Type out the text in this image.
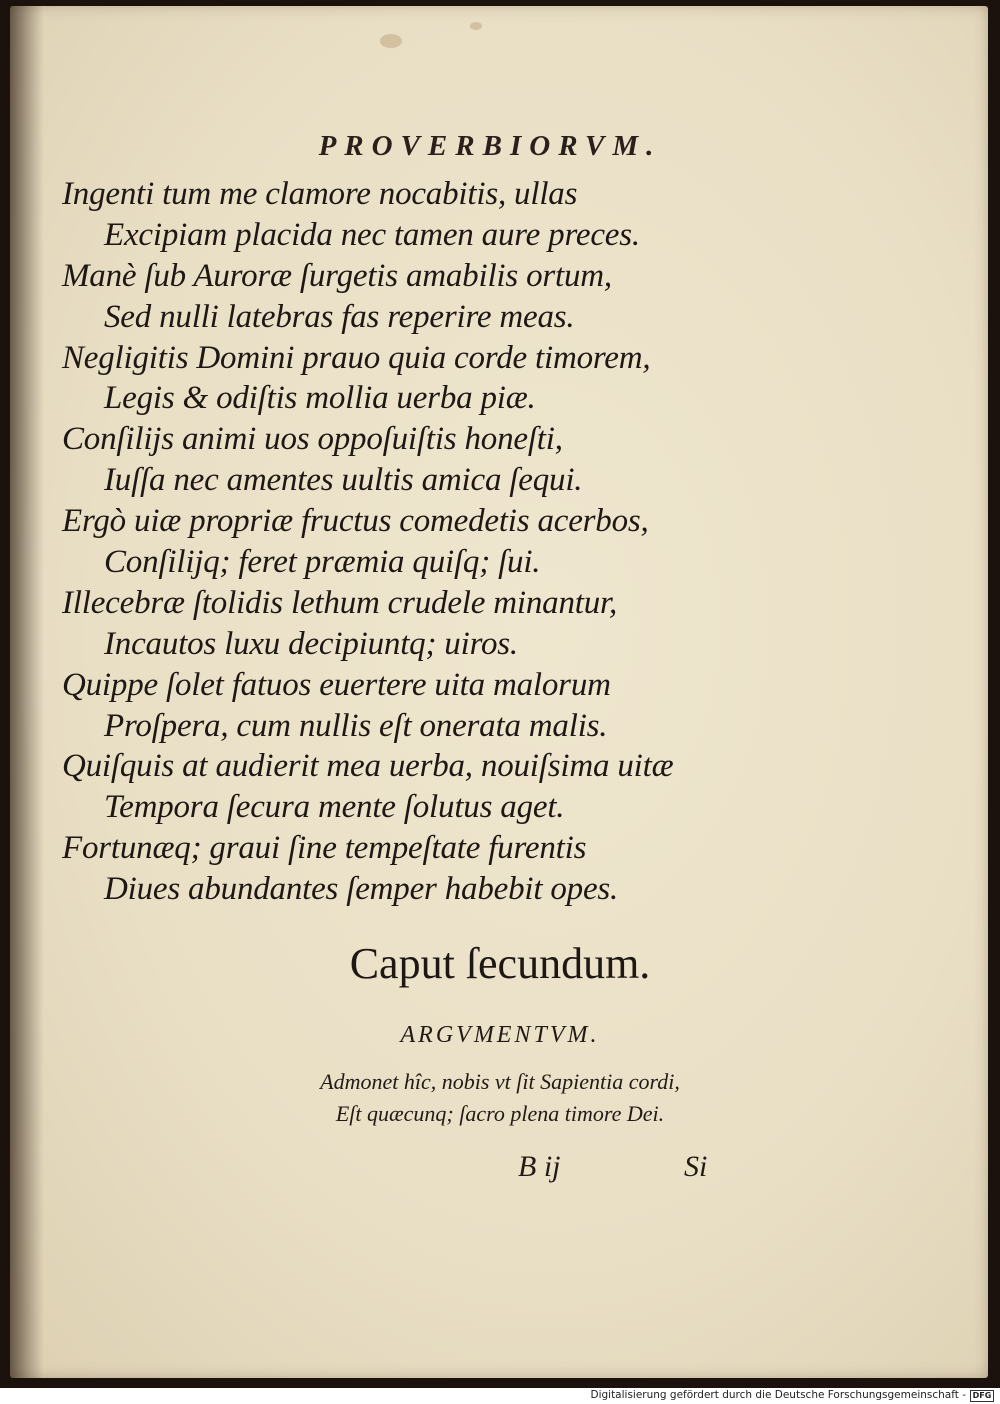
PROVERBIORVM.
Ingenti tum me clamore nocabitis, ullas
Excipiam placida nec tamen aure preces.
Manè ſub Auroræ ſurgetis amabilis ortum,
Sed nulli latebras fas reperire meas.
Negligitis Domini prauo quia corde timorem,
Legis & odiſtis mollia uerba piæ.
Conſilijs animi uos oppoſuiſtis honeſti,
Iuſſa nec amentes uultis amica ſequi.
Ergò uiæ propriæ fructus comedetis acerbos,
Conſilijq; feret præmia quiſq; ſui.
Illecebræ ſtolidis lethum crudele minantur,
Incautos luxu decipiuntq; uiros.
Quippe ſolet fatuos euertere uita malorum
Proſpera, cum nullis eſt onerata malis.
Quiſquis at audierit mea uerba, nouiſsima uitæ
Tempora ſecura mente ſolutus aget.
Fortunæq; graui ſine tempeſtate furentis
Diues abundantes ſemper habebit opes.
Caput ſecundum.
ARGVMENTVM.
Admonet hîc, nobis vt ſit Sapientia cordi,
Eſt quæcunq; ſacro plena timore Dei.
B ij	Si
Digitalisierung gefördert durch die Deutsche Forschungsgemeinschaft - DFG
